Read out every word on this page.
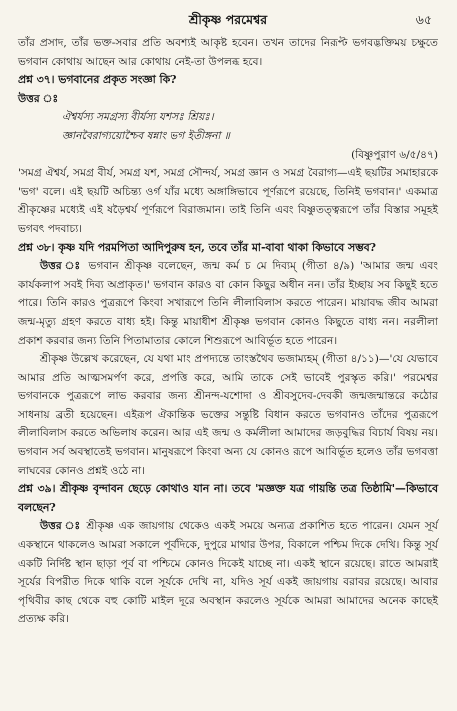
শ্রীকৃষ্ণ পরমেশ্বর	৬৫

তাঁর প্রসাদ, তাঁর ভক্ত-সবার প্রতি অবশ্যই আকৃষ্ট হবেন। তখন তাদের নিরূপ্ট ভগবদ্ভক্তিময় চক্ষুতে ভগবান কোথায় আছেন আর কোথায় নেই-তা উপলব্ধ হবে।

প্রশ্ন ৩৭। ভগবানের প্রকৃত সংজ্ঞা কি?

উত্তর ঃ

ঐশ্বর্যস্য সমগ্রস্য বীর্যস্য যশসঃ শ্রিয়ঃ।

জ্ঞানবৈরাগ্যয়োশ্চৈব ষন্নাং ভগ ইতীঙ্গনা ॥

(বিষ্ণুপুরাণ ৬/৫/৪৭)

'সমগ্র ঐশ্বর্য, সমগ্র বীর্য, সমগ্র যশ, সমগ্র সৌন্দর্য, সমগ্র জ্ঞান ও সমগ্র বৈরাগ্য—এই ছয়টির সমাহারকে 'ভগ' বলে। এই ছয়টি অচিন্ত্য ওর্গ যাঁর মধ্যে অঙ্গাঙ্গিভাবে পূর্ণরূপে রয়েছে, তিনিই ভগবান।' একমাত্র শ্রীকৃষ্ণের মধ্যেই এই ষড়ৈশ্বর্য পূর্ণরূপে বিরাজমান। তাই তিনি এবং বিষ্ণুতত্ত্বরূপে তাঁর বিস্তার সমূহই ভগবৎ পদবাচ্য।

প্রশ্ন ৩৮। কৃষ্ণ যদি পরমপিতা আদিপুরুষ হন, তবে তাঁর মা-বাবা থাকা কিভাবে সম্ভব?

উত্তর ঃ ভগবান শ্রীকৃষ্ণ বলেছেন, জন্ম কর্ম চ মে দিব্যম্ (গীতা ৪/৯) 'আমার জন্ম এবং কার্যকলাপ সবই দিব্য অপ্রাকৃত।' ভগবান কারও বা কোন কিছুর অধীন নন। তাঁর ইচ্ছায় সব কিছুই হতে পারে। তিনি কারও পুত্ররূপে কিংবা সখারূপে তিনি লীলাবিলাস করতে পারেন। মায়াবদ্ধ জীব আমরা জন্ম-মৃত্যু গ্রহণ করতে বাধ্য হই। কিন্তু মায়াধীশ শ্রীকৃষ্ণ ভগবান কোনও কিছুতে বাধ্য নন। নরলীলা প্রকাশ করবার জন্য তিনি পিতামাতার কোলে শিশুরূপে আবির্ভূত হতে পারেন।

শ্রীকৃষ্ণ উল্লেখ করেছেন, যে যথা মাং প্রপদ্যন্তে তাংস্তথৈব ভজাম্যহম্ (গীতা ৪/১১)—'যে যেভাবে আমার প্রতি আত্মসমর্পণ করে, প্রপত্তি করে, আমি তাকে সেই ভাবেই পুরস্কৃত করি।' পরমেশ্বর ভগবানকে পুত্ররূপে লাভ করবার জন্য শ্রীনন্দ-যশোদা ও শ্রীবসুদেব-দেবকী জন্মজন্মান্তরে কঠোর সাধনায় ব্রতী হয়েছেন। এইরূপ ঐকান্তিক ভক্তের সন্তুষ্টি বিধান করতে ভগবানও তাঁদের পুত্ররূপে লীলাবিলাস করতে অভিলাষ করেন। আর এই জন্ম ও কর্মলীলা আমাদের জড়বুদ্ধির বিচার্য বিষয় নয়। ভগবান সর্ব অবস্থাতেই ভগবান। মানুষরূপে কিংবা অন্য যে কোনও রূপে আবির্ভূত হলেও তাঁর ভগবত্তা লাঘবের কোনও প্রশ্নই ওঠে না।

প্রশ্ন ৩৯। শ্রীকৃষ্ণ বৃন্দাবন ছেড়ে কোথাও যান না। তবে 'মজ্ঞক্ত যত্র গায়ন্তি তত্র তিষ্ঠামি'—কিভাবে বলছেন?

উত্তর ঃ শ্রীকৃষ্ণ এক জায়গায় থেকেও একই সময়ে অন্যত্র প্রকাশিত হতে পারেন। যেমন সূর্য একস্থানে থাকলেও আমরা সকালে পূর্বদিকে, দুপুরে মাথার উপর, বিকালে পশ্চিম দিকে দেখি। কিন্তু সূর্য একটি নির্দিষ্ট স্থান ছাড়া পূর্ব বা পশ্চিমে কোনও দিকেই যাচ্ছে না। একই স্থানে রয়েছে। রাতে আমরাই সূর্যের বিপরীত দিকে থাকি বলে সূর্যকে দেখি না, যদিও সূর্য একই জায়গায় বরাবর রয়েছে। আবার পৃথিবীর কাছ থেকে বহু কোটি মাইল দূরে অবস্থান করলেও সূর্যকে আমরা আমাদের অনেক কাছেই প্রত্যক্ষ করি।
